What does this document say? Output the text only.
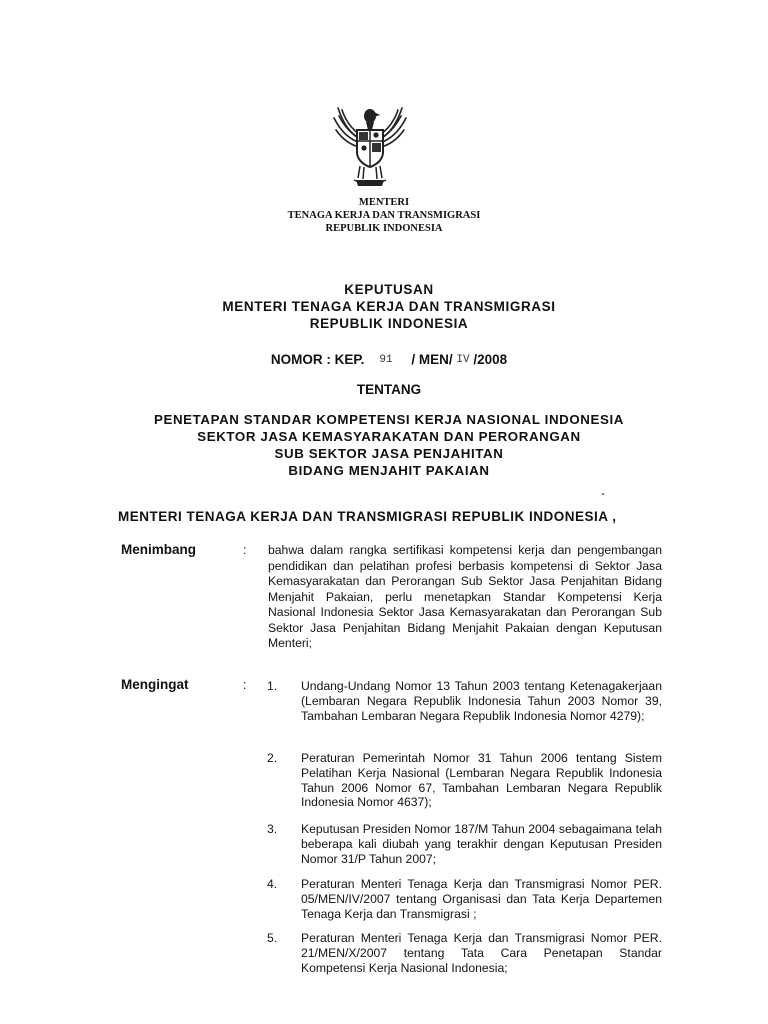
MENTERI
TENAGA KERJA DAN TRANSMIGRASI
REPUBLIK INDONESIA
KEPUTUSAN
MENTERI TENAGA KERJA DAN TRANSMIGRASI
REPUBLIK INDONESIA
NOMOR : KEP. 91 / MEN/ IV /2008
TENTANG
PENETAPAN STANDAR KOMPETENSI KERJA NASIONAL INDONESIA
SEKTOR JASA KEMASYARAKATAN DAN PERORANGAN
SUB SEKTOR JASA PENJAHITAN
BIDANG MENJAHIT PAKAIAN
MENTERI TENAGA KERJA DAN TRANSMIGRASI REPUBLIK INDONESIA ,
Menimbang	: bahwa dalam rangka sertifikasi kompetensi kerja dan pengembangan pendidikan dan pelatihan profesi berbasis kompetensi di Sektor Jasa Kemasyarakatan dan Perorangan Sub Sektor Jasa Penjahitan Bidang Menjahit Pakaian, perlu menetapkan Standar Kompetensi Kerja Nasional Indonesia Sektor Jasa Kemasyarakatan dan Perorangan Sub Sektor Jasa Penjahitan Bidang Menjahit Pakaian dengan Keputusan Menteri;
Mengingat	: 1. Undang-Undang Nomor 13 Tahun 2003 tentang Ketenagakerjaan (Lembaran Negara Republik Indonesia Tahun 2003 Nomor 39, Tambahan Lembaran Negara Republik Indonesia Nomor 4279);
2. Peraturan Pemerintah Nomor 31 Tahun 2006 tentang Sistem Pelatihan Kerja Nasional (Lembaran Negara Republik Indonesia Tahun 2006 Nomor 67, Tambahan Lembaran Negara Republik Indonesia Nomor 4637);
3. Keputusan Presiden Nomor 187/M Tahun 2004 sebagaimana telah beberapa kali diubah yang terakhir dengan Keputusan Presiden Nomor 31/P Tahun 2007;
4. Peraturan Menteri Tenaga Kerja dan Transmigrasi Nomor PER. 05/MEN/IV/2007 tentang Organisasi dan Tata Kerja Departemen Tenaga Kerja dan Transmigrasi ;
5. Peraturan Menteri Tenaga Kerja dan Transmigrasi Nomor PER. 21/MEN/X/2007 tentang Tata Cara Penetapan Standar Kompetensi Kerja Nasional Indonesia;
